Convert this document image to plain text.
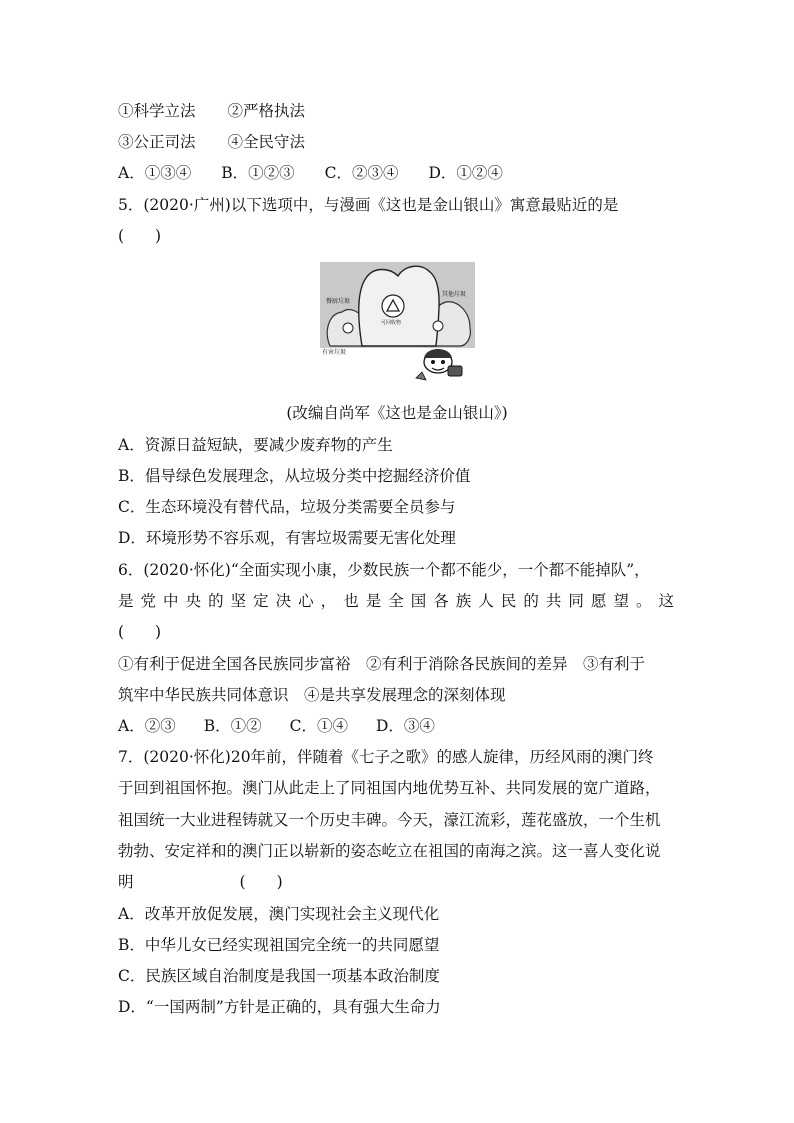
①科学立法 ②严格执法
③公正司法 ④全民守法
A．①③④ B．①②③ C．②③④ D．①②④
5．(2020·广州)以下选项中，与漫画《这也是金山银山》寓意最贴近的是
(　　)
餐厨垃圾
可回收物
其他垃圾
有害垃圾
(改编自尚军《这也是金山银山》)
A．资源日益短缺，要减少废弃物的产生
B．倡导绿色发展理念，从垃圾分类中挖掘经济价值
C．生态环境没有替代品，垃圾分类需要全员参与
D．环境形势不容乐观，有害垃圾需要无害化处理
6．(2020·怀化)“全面实现小康，少数民族一个都不能少，一个都不能掉队”，
是党中央的坚定决心，也是全国各族人民的共同愿望。这
(　　)
①有利于促进全国各民族同步富裕　②有利于消除各民族间的差异　③有利于
筑牢中华民族共同体意识　④是共享发展理念的深刻体现
A．②③ B．①② C．①④ D．③④
7．(2020·怀化)20年前，伴随着《七子之歌》的感人旋律，历经风雨的澳门终
于回到祖国怀抱。澳门从此走上了同祖国内地优势互补、共同发展的宽广道路，
祖国统一大业进程铸就又一个历史丰碑。今天，濠江流彩，莲花盛放，一个生机
勃勃、安定祥和的澳门正以崭新的姿态屹立在祖国的南海之滨。这一喜人变化说
明	(　　)
A．改革开放促发展，澳门实现社会主义现代化
B．中华儿女已经实现祖国完全统一的共同愿望
C．民族区域自治制度是我国一项基本政治制度
D．“一国两制”方针是正确的，具有强大生命力
